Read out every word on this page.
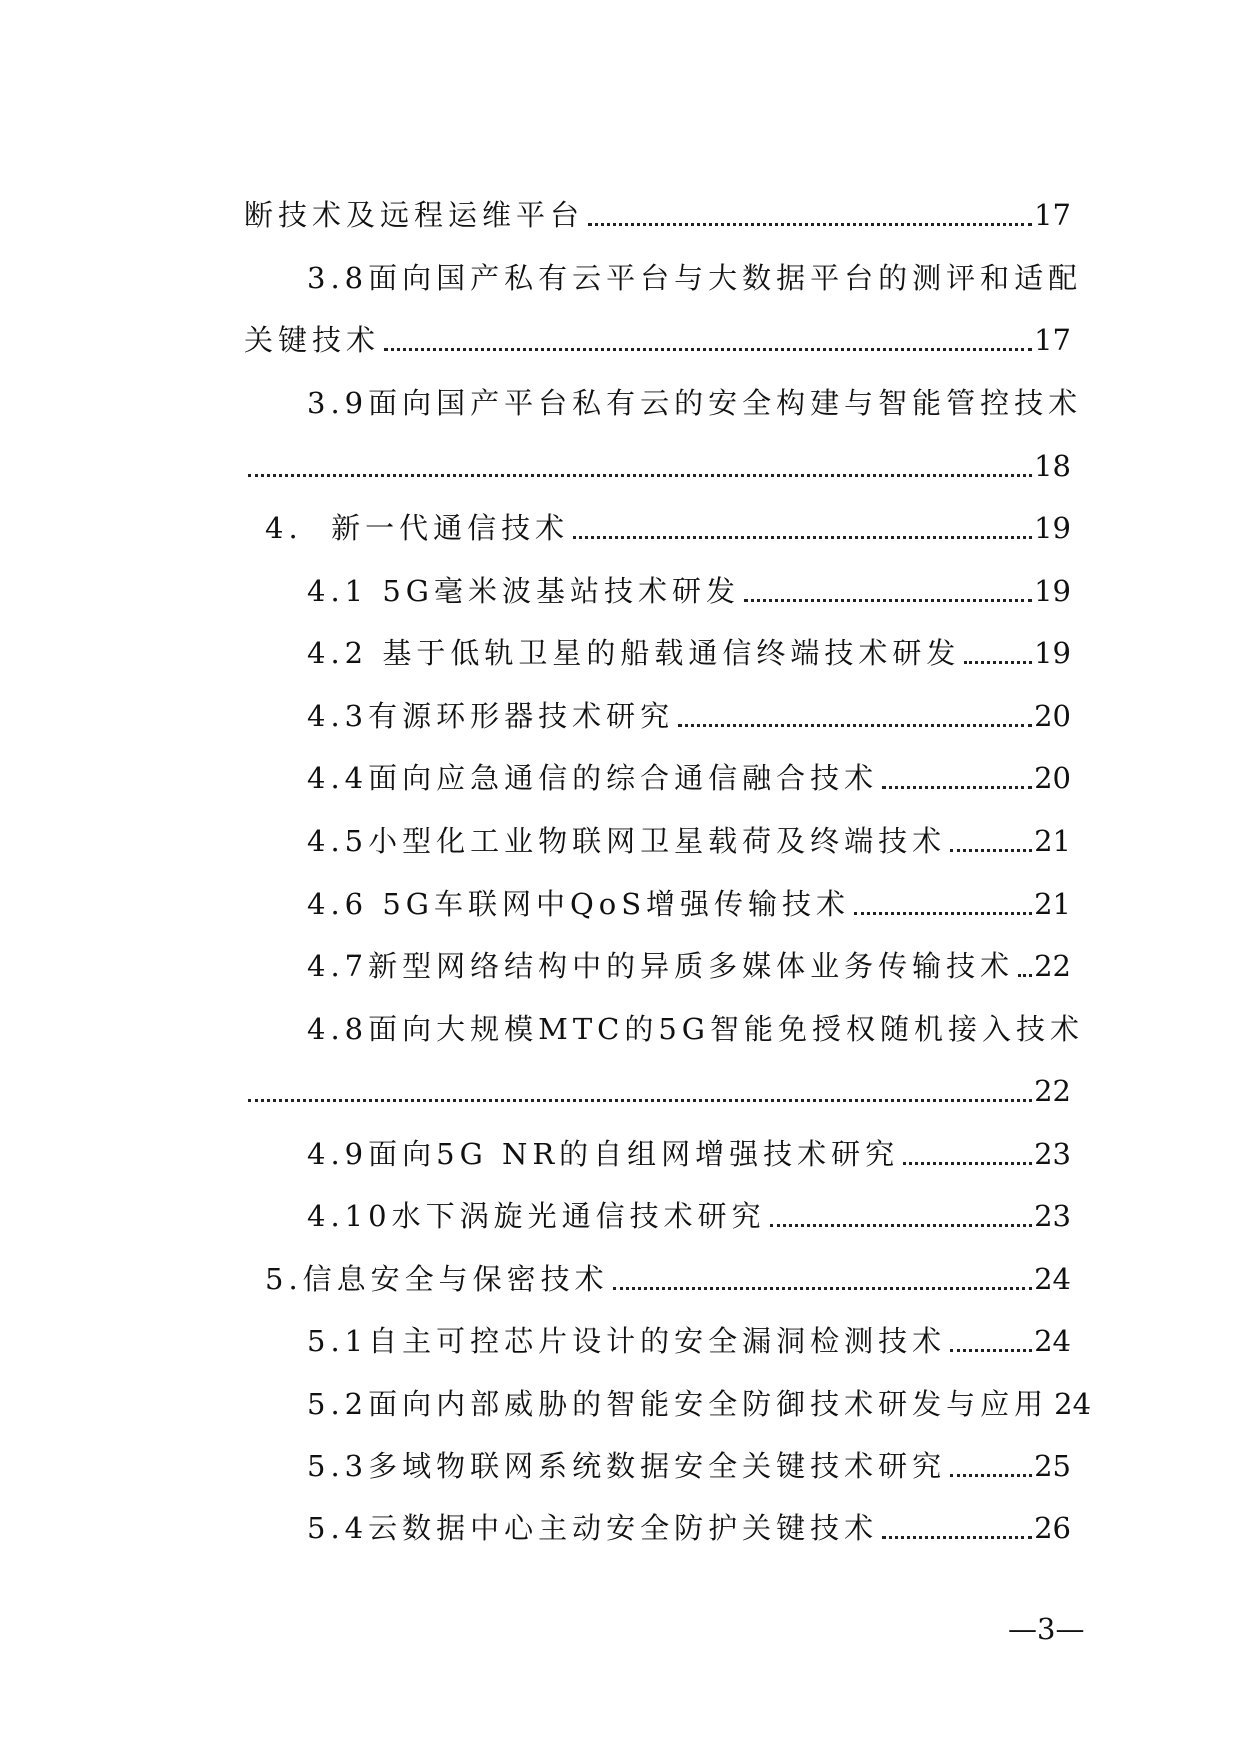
断技术及远程运维平台	17
3.8面向国产私有云平台与大数据平台的测评和适配
关键技术	17
3.9面向国产平台私有云的安全构建与智能管控技术
18
4.  新一代通信技术	19
4.1 5G毫米波基站技术研发	19
4.2 基于低轨卫星的船载通信终端技术研发	19
4.3有源环形器技术研究	20
4.4面向应急通信的综合通信融合技术	20
4.5小型化工业物联网卫星载荷及终端技术	21
4.6 5G车联网中QoS增强传输技术	21
4.7新型网络结构中的异质多媒体业务传输技术 22
4.8面向大规模MTC的5G智能免授权随机接入技术
22
4.9面向5G NR的自组网增强技术研究	23
4.10水下涡旋光通信技术研究	23
5.信息安全与保密技术	24
5.1自主可控芯片设计的安全漏洞检测技术	24
5.2面向内部威胁的智能安全防御技术研发与应用 24
5.3多域物联网系统数据安全关键技术研究	25
5.4云数据中心主动安全防护关键技术	26
—3—
